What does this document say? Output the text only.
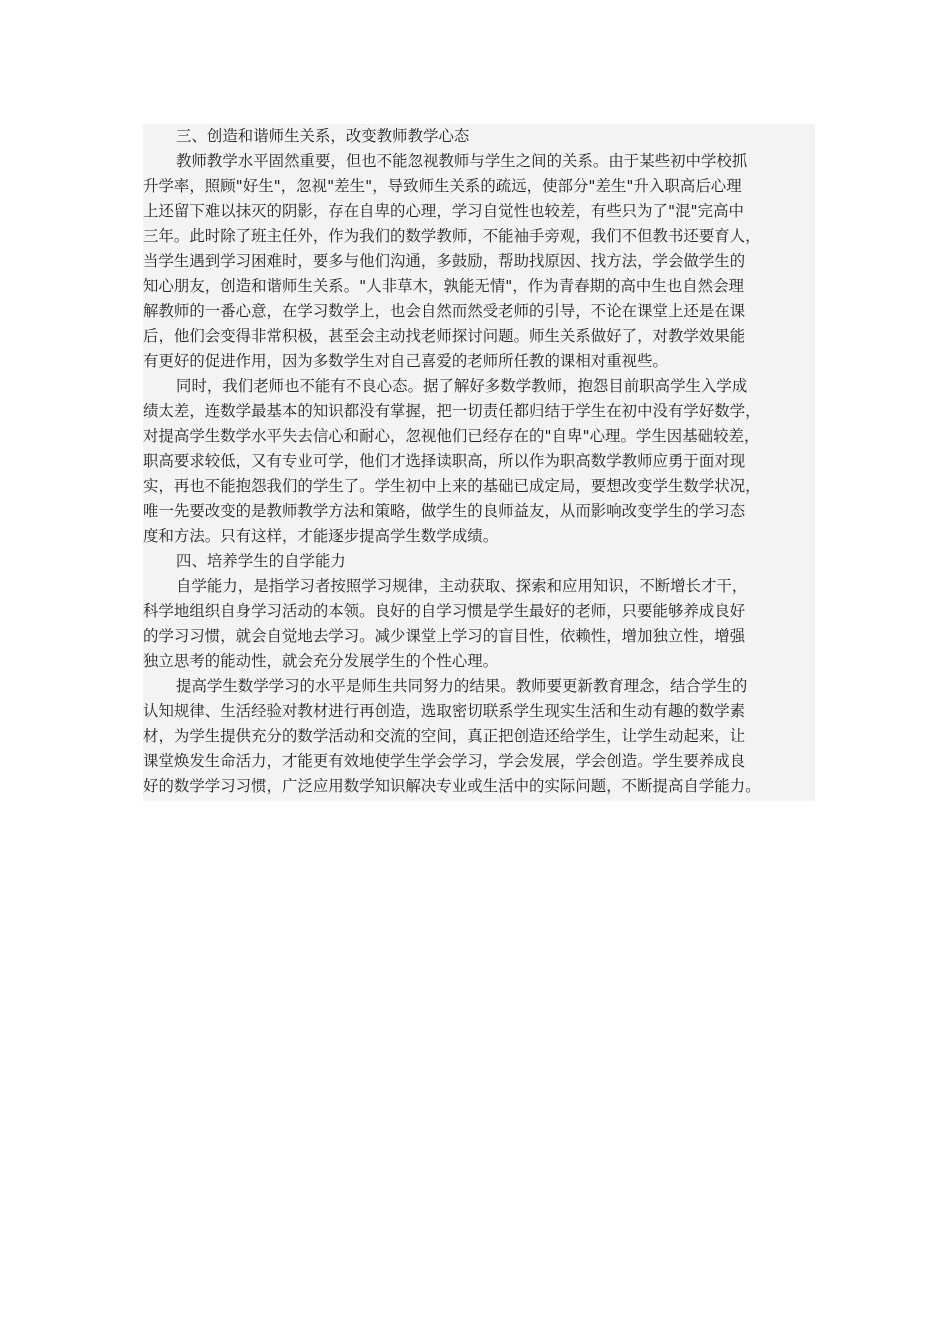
三、创造和谐师生关系，改变教师教学心态
教师教学水平固然重要，但也不能忽视教师与学生之间的关系。由于某些初中学校抓
升学率，照顾"好生"，忽视"差生"，导致师生关系的疏远，使部分"差生"升入职高后心理
上还留下难以抹灭的阴影，存在自卑的心理，学习自觉性也较差，有些只为了"混"完高中
三年。此时除了班主任外，作为我们的数学教师，不能袖手旁观，我们不但教书还要育人，
当学生遇到学习困难时，要多与他们沟通，多鼓励，帮助找原因、找方法，学会做学生的
知心朋友，创造和谐师生关系。"人非草木，孰能无情"，作为青春期的高中生也自然会理
解教师的一番心意，在学习数学上，也会自然而然受老师的引导，不论在课堂上还是在课
后，他们会变得非常积极，甚至会主动找老师探讨问题。师生关系做好了，对教学效果能
有更好的促进作用，因为多数学生对自己喜爱的老师所任教的课相对重视些。
同时，我们老师也不能有不良心态。据了解好多数学教师，抱怨目前职高学生入学成
绩太差，连数学最基本的知识都没有掌握，把一切责任都归结于学生在初中没有学好数学，
对提高学生数学水平失去信心和耐心，忽视他们已经存在的"自卑"心理。学生因基础较差，
职高要求较低，又有专业可学，他们才选择读职高，所以作为职高数学教师应勇于面对现
实，再也不能抱怨我们的学生了。学生初中上来的基础已成定局，要想改变学生数学状况，
唯一先要改变的是教师教学方法和策略，做学生的良师益友，从而影响改变学生的学习态
度和方法。只有这样，才能逐步提高学生数学成绩。
四、培养学生的自学能力
自学能力，是指学习者按照学习规律，主动获取、探索和应用知识，不断增长才干，
科学地组织自身学习活动的本领。良好的自学习惯是学生最好的老师，只要能够养成良好
的学习习惯，就会自觉地去学习。减少课堂上学习的盲目性，依赖性，增加独立性，增强
独立思考的能动性，就会充分发展学生的个性心理。
提高学生数学学习的水平是师生共同努力的结果。教师要更新教育理念，结合学生的
认知规律、生活经验对教材进行再创造，选取密切联系学生现实生活和生动有趣的数学素
材，为学生提供充分的数学活动和交流的空间，真正把创造还给学生，让学生动起来，让
课堂焕发生命活力，才能更有效地使学生学会学习，学会发展，学会创造。学生要养成良
好的数学学习习惯，广泛应用数学知识解决专业或生活中的实际问题，不断提高自学能力。
